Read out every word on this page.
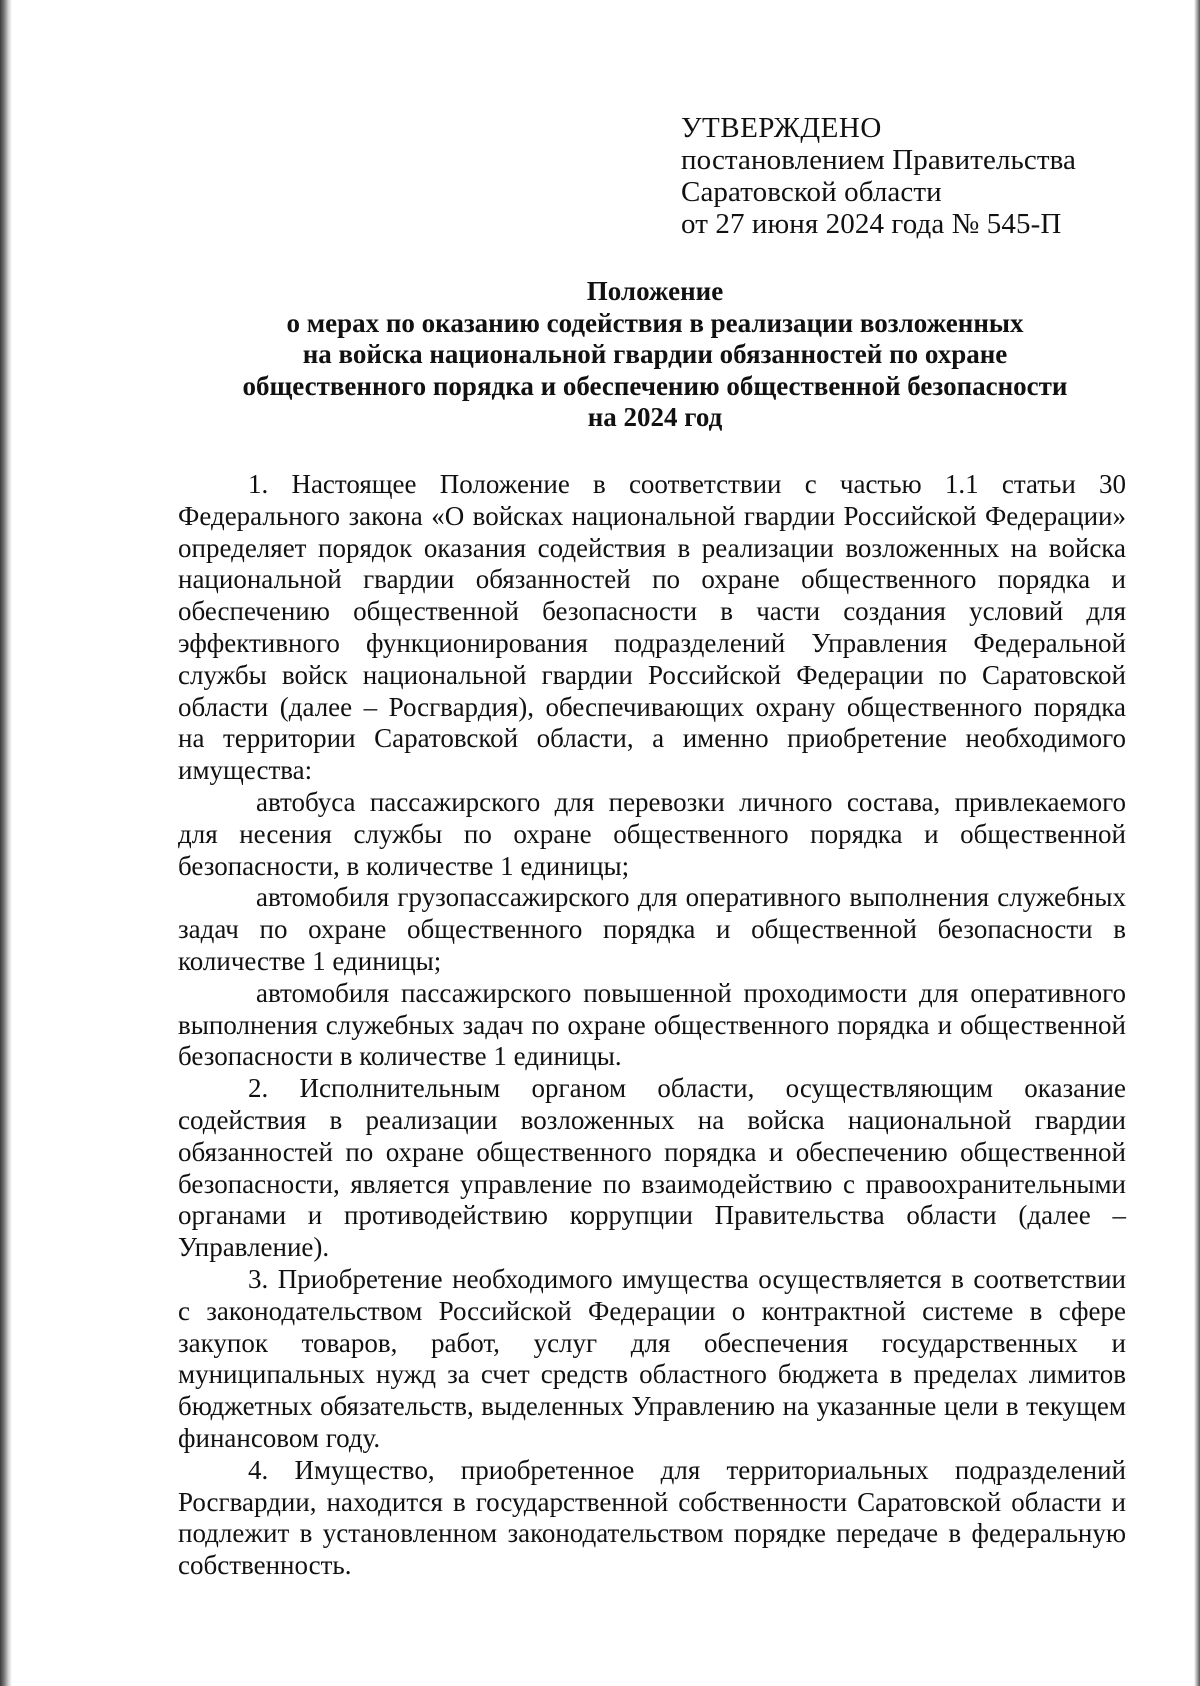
УТВЕРЖДЕНО
постановлением Правительства
Саратовской области
от 27 июня 2024 года № 545-П
Положение
о мерах по оказанию содействия в реализации возложенных
на войска национальной гвардии обязанностей по охране
общественного порядка и обеспечению общественной безопасности
на 2024 год

1. Настоящее Положение в соответствии с частью 1.1 статьи 30 Федерального закона «О войсках национальной гвардии Российской Федерации» определяет порядок оказания содействия в реализации возложенных на войска национальной гвардии обязанностей по охране общественного порядка и обеспечению общественной безопасности в части создания условий для эффективного функционирования подразделений Управления Федеральной службы войск национальной гвардии Российской Федерации по Саратовской области (далее – Росгвардия), обеспечивающих охрану общественного порядка на территории Саратовской области, а именно приобретение необходимого имущества:

автобуса пассажирского для перевозки личного состава, привлекаемого для несения службы по охране общественного порядка и общественной безопасности, в количестве 1 единицы;

автомобиля грузопассажирского для оперативного выполнения служебных задач по охране общественного порядка и общественной безопасности в количестве 1 единицы;

автомобиля пассажирского повышенной проходимости для оперативного выполнения служебных задач по охране общественного порядка и общественной безопасности в количестве 1 единицы.

2. Исполнительным органом области, осуществляющим оказание содействия в реализации возложенных на войска национальной гвардии обязанностей по охране общественного порядка и обеспечению общественной безопасности, является управление по взаимодействию с правоохранительными органами и противодействию коррупции Правительства области (далее – Управление).

3. Приобретение необходимого имущества осуществляется в соответствии с законодательством Российской Федерации о контрактной системе в сфере закупок товаров, работ, услуг для обеспечения государственных и муниципальных нужд за счет средств областного бюджета в пределах лимитов бюджетных обязательств, выделенных Управлению на указанные цели в текущем финансовом году.

4. Имущество, приобретенное для территориальных подразделений Росгвардии, находится в государственной собственности Саратовской области и подлежит в установленном законодательством порядке передаче в федеральную собственность.
